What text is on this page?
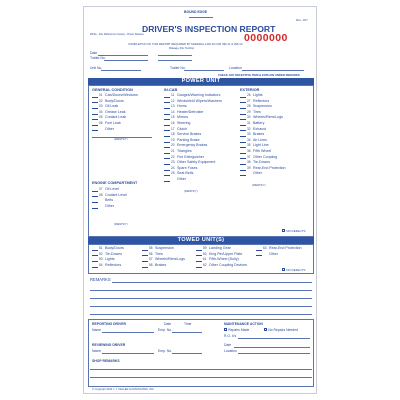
BOUND EDGE
Rev. 1/07
DRIVER'S INSPECTION REPORT
White - File Reference Canary - Driver Retains	0000000
COMPLETION OF THIS REPORT REQUIRED BY FEDERAL LAW 49 CFR 396.11 & 396.13
Mileage (No Tenths)
Date
Trailer No.
Unit No.	Trailer No.	Location
CHECK ANY DEFECTIVE ITEM & EXPLAIN UNDER REMARKS
POWER UNIT
GENERAL CONDITION
01 Cab/Doors/Windows
02 Body/Doors
03 Oil Leak
04 Grease Leak
05 Coolant Leak
06 Fuel Leak
Other
(IDENTIFY)
ENGINE COMPARTMENT
07 Oil Level
08 Coolant Level
Belts
Other
(IDENTIFY)
IN-CAB
11 Gauges/Warning Indicators
12 Windshield Wipers/Washers
13 Horns
14 Heater/Defroster
15 Mirrors
16 Steering
17 Clutch
18 Service Brakes
19 Parking Brake
20 Emergency Brakes
21 Triangles
22 Fire Extinguisher
23 Other Safety Equipment
24 Spare Fuses
25 Seat Belts
Other
(IDENTIFY)
EXTERIOR
26 Lights
27 Reflectors
28 Suspension
29 Tires
30 Wheels/Rims/Lugs
31 Battery
32 Exhaust
33 Brakes
34 Air Lines
35 Light Line
36 Fifth Wheel
37 Other Coupling
38 Tie-Downs
39 Rear-End Protection
Other
(IDENTIFY)
NO DEFECTS
TOWED UNIT(S)
51 Body/Doors
52 Tie-Downs
53 Lights
54 Reflectors
55 Suspension
56 Tires
57 Wheels/Rims/Lugs
58 Brakes
59 Landing Gear
60 King Pin/Upper Plate
61 Fifth-Wheel (Dolly)
62 Other Coupling Devices
63 Rear-End Protection
Other
NO DEFECTS
REMARKS
REPORTING DRIVER	Date	Time
Name	Emp. No.
MAINTENANCE ACTION
Repairs Made	No Repairs Needed
R.O. #'s
REVIEWING DRIVER
Name	Emp. No.
Date
Location
SHOP REMARKS
© Copyright 2010 J. J. KELLER & ASSOCIATES, INC.
